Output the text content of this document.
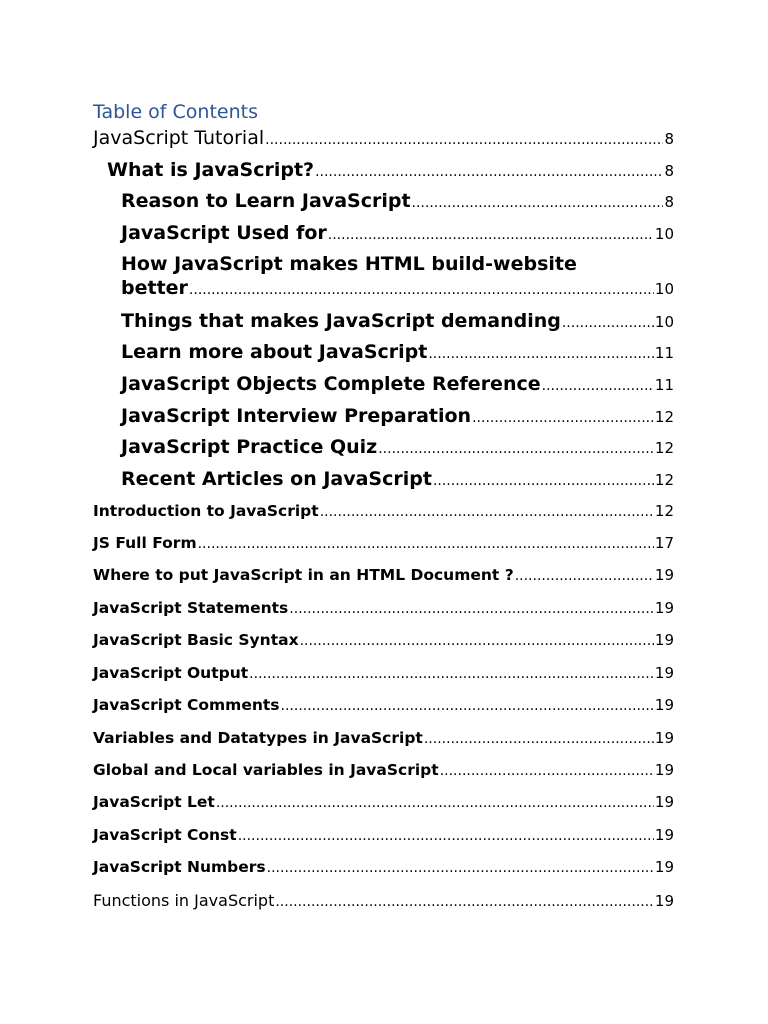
Table of Contents
JavaScript Tutorial .....	8
What is JavaScript? .....	8
Reason to Learn JavaScript .....	8
JavaScript Used for .....	10
How JavaScript makes HTML build-website
better .....	10
Things that makes JavaScript demanding .....	10
Learn more about JavaScript .....	11
JavaScript Objects Complete Reference .....	11
JavaScript Interview Preparation .....	12
JavaScript Practice Quiz .....	12
Recent Articles on JavaScript .....	12
Introduction to JavaScript .....	12
JS Full Form .....	17
Where to put JavaScript in an HTML Document ? .....	19
JavaScript Statements .....	19
JavaScript Basic Syntax .....	19
JavaScript Output .....	19
JavaScript Comments .....	19
Variables and Datatypes in JavaScript .....	19
Global and Local variables in JavaScript .....	19
JavaScript Let .....	19
JavaScript Const .....	19
JavaScript Numbers .....	19
Functions in JavaScript .....	19
